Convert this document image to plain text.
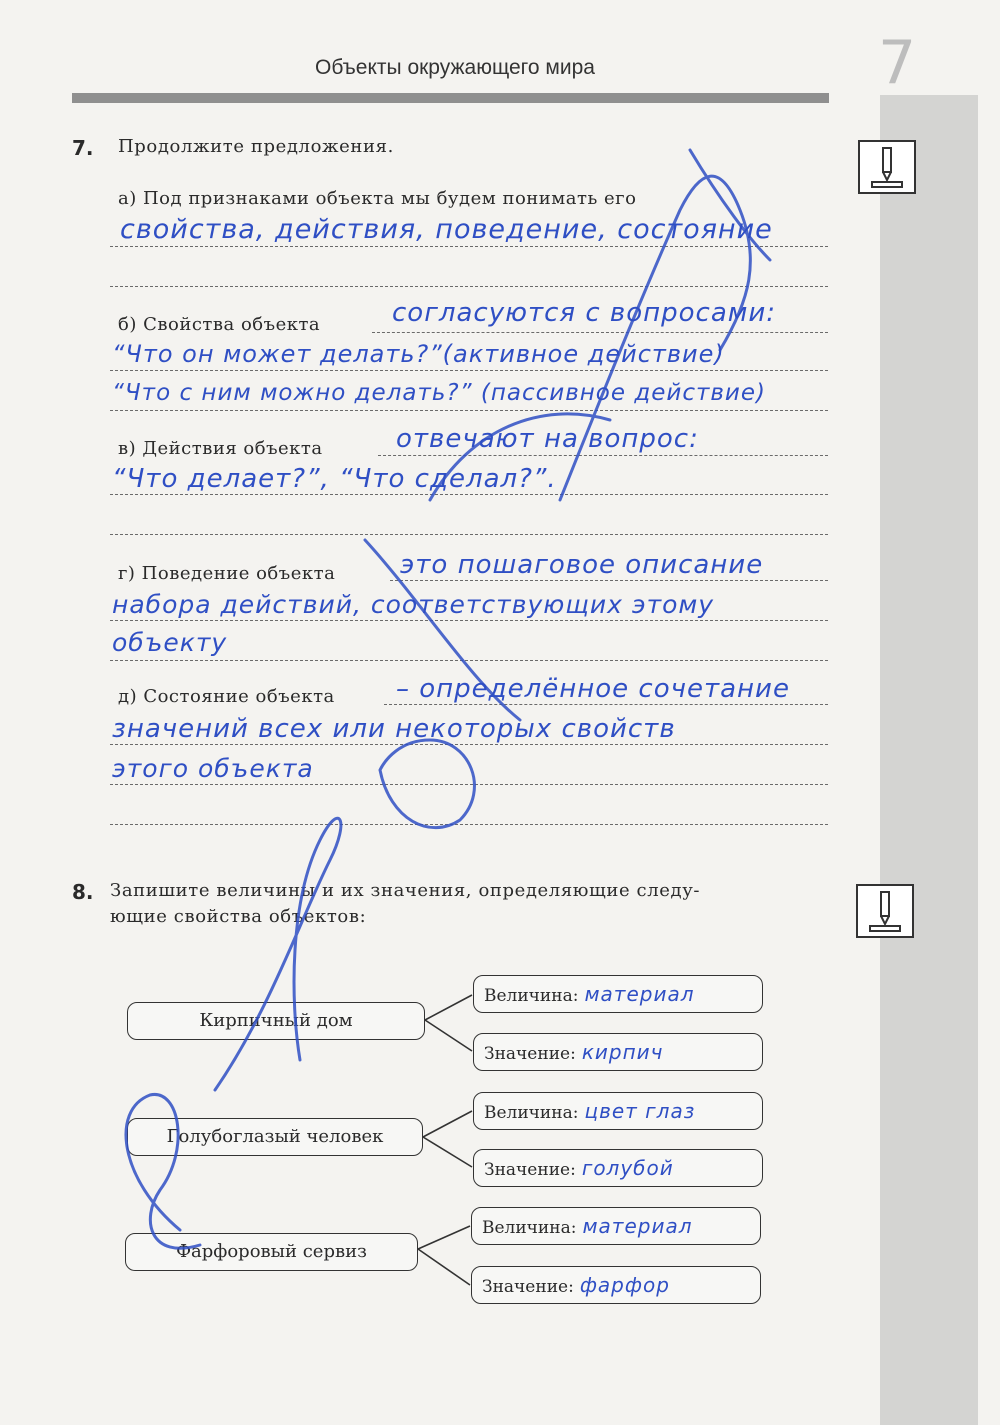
7
Объекты окружающего мира
7. Продолжите предложения.
а) Под признаками объекта мы будем понимать его
свойства, действия, поведение, состояние
б) Свойства объекта	согласуются с вопросами:
“Что он может делать?”(активное действие)
“Что с ним можно делать?” (пассивное действие)
в) Действия объекта	отвечают на вопрос:
“Что делает?”, “Что сделал?”.
г) Поведение объекта это пошаговое описание
набора действий, соответствующих этому
объекту
д) Состояние объекта – определённое сочетание
значений всех или некоторых свойств
этого объекта
8. Запишите величины и их значения, определяющие следу-
ющие свойства объектов:
Кирпичный дом
Величина: материал
Значение: кирпич
Голубоглазый человек
Величина: цвет глаз
Значение: голубой
Фарфоровый сервиз
Величина: материал
Значение: фарфор
